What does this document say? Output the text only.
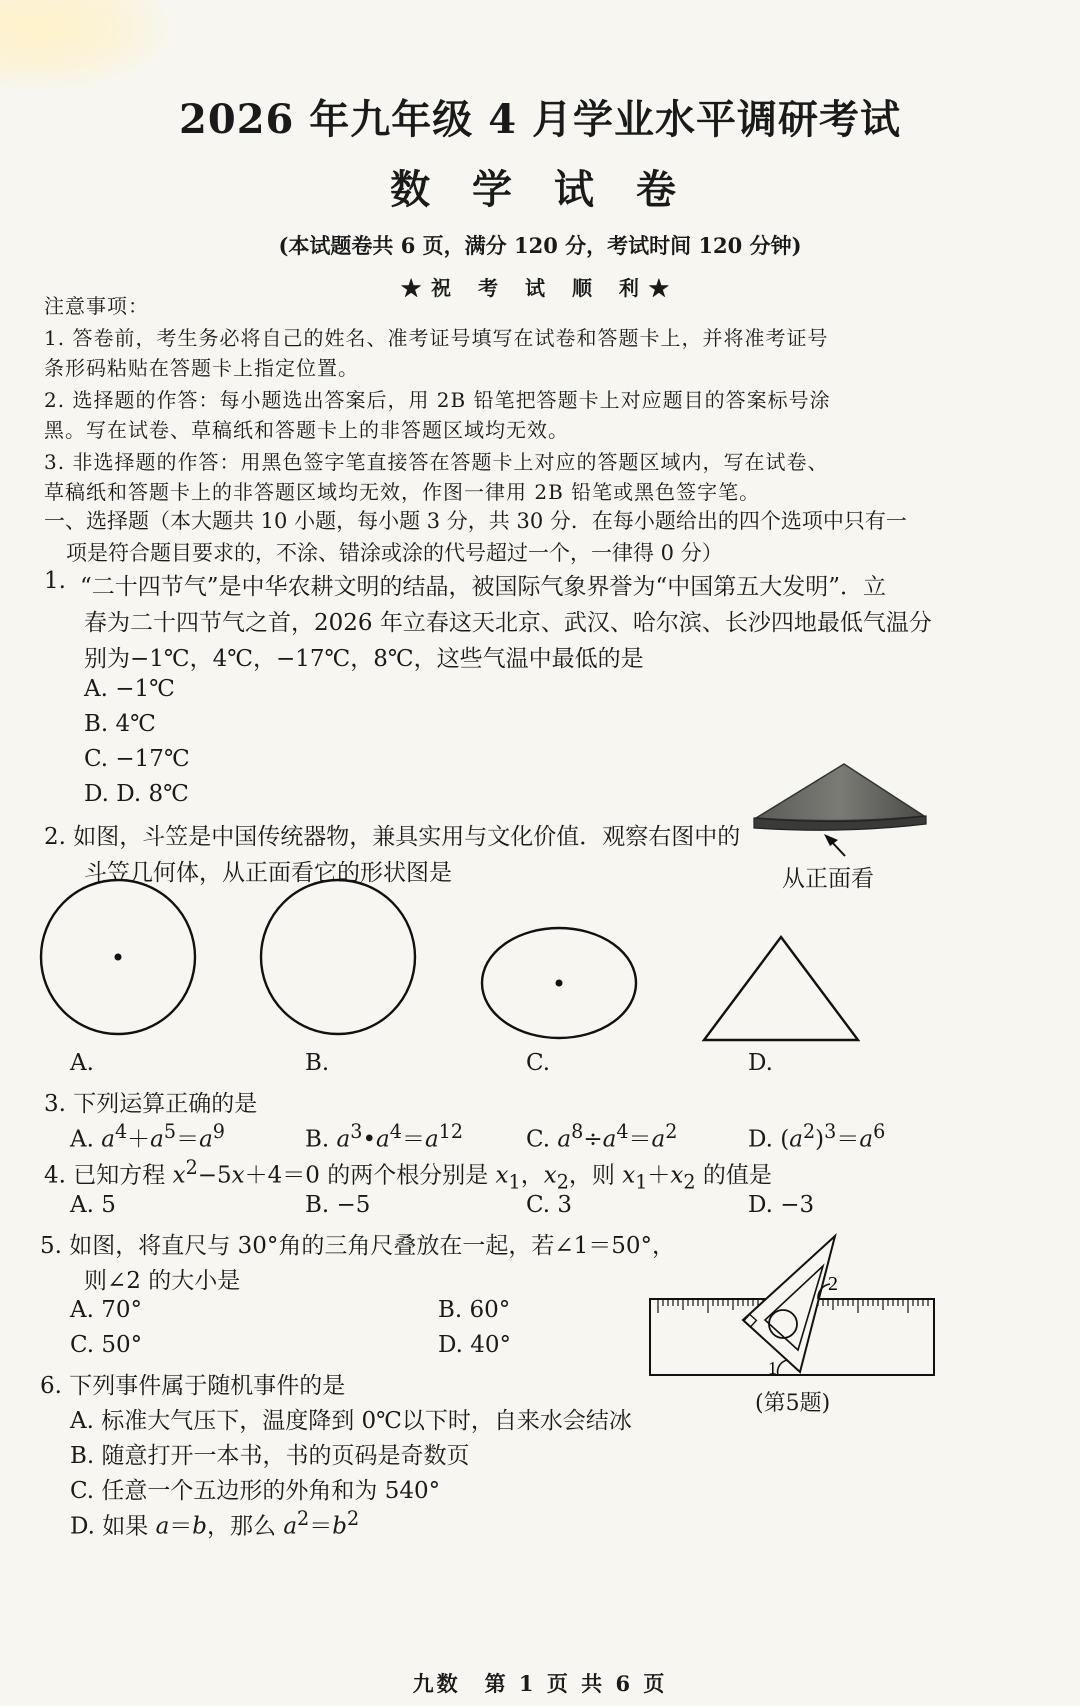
2026 年九年级 4 月学业水平调研考试
数 学 试 卷
(本试题卷共 6 页，满分 120 分，考试时间 120 分钟)
★祝 考 试 顺 利★
注意事项：
1. 答卷前，考生务必将自己的姓名、准考证号填写在试卷和答题卡上，并将准考证号
条形码粘贴在答题卡上指定位置。
2. 选择题的作答：每小题选出答案后，用 2B 铅笔把答题卡上对应题目的答案标号涂
黑。写在试卷、草稿纸和答题卡上的非答题区域均无效。
3. 非选择题的作答：用黑色签字笔直接答在答题卡上对应的答题区域内，写在试卷、
草稿纸和答题卡上的非答题区域均无效，作图一律用 2B 铅笔或黑色签字笔。
一、选择题（本大题共 10 小题，每小题 3 分，共 30 分．在每小题给出的四个选项中只有一
项是符合题目要求的，不涂、错涂或涂的代号超过一个，一律得 0 分）
1. “二十四节气”是中华农耕文明的结晶，被国际气象界誉为“中国第五大发明”．立
春为二十四节气之首，2026 年立春这天北京、武汉、哈尔滨、长沙四地最低气温分
别为−1℃，4℃，−17℃，8℃，这些气温中最低的是
A. −1℃
B. 4℃
C. −17℃
D. D. 8℃
2. 如图，斗笠是中国传统器物，兼具实用与文化价值．观察右图中的
斗笠几何体，从正面看它的形状图是	从正面看
A.	B.	C.	D.
3. 下列运算正确的是
A. $a^4+a^5=a^9$	B. $a^3•a^4=a^{12}$	C. $a^8\div a^4=a^2$	D. $(a^2)^3=a^6$
4. 已知方程 $x^2-5x+4=0$ 的两个根分别是 $x_1$，$x_2$，则 $x_1+x_2$ 的值是
A. 5	B. −5	C. 3	D. −3
5. 如图，将直尺与 30°角的三角尺叠放在一起，若∠1＝50°，
则∠2 的大小是
A. 70°	B. 60°
C. 50°	D. 40°
2
1
(第5题)
6. 下列事件属于随机事件的是
A. 标准大气压下，温度降到 0℃以下时，自来水会结冰
B. 随意打开一本书，书的页码是奇数页
C. 任意一个五边形的外角和为 540°
D. 如果 a＝b，那么 $a^2=b^2$
九数　第 1 页 共 6 页
